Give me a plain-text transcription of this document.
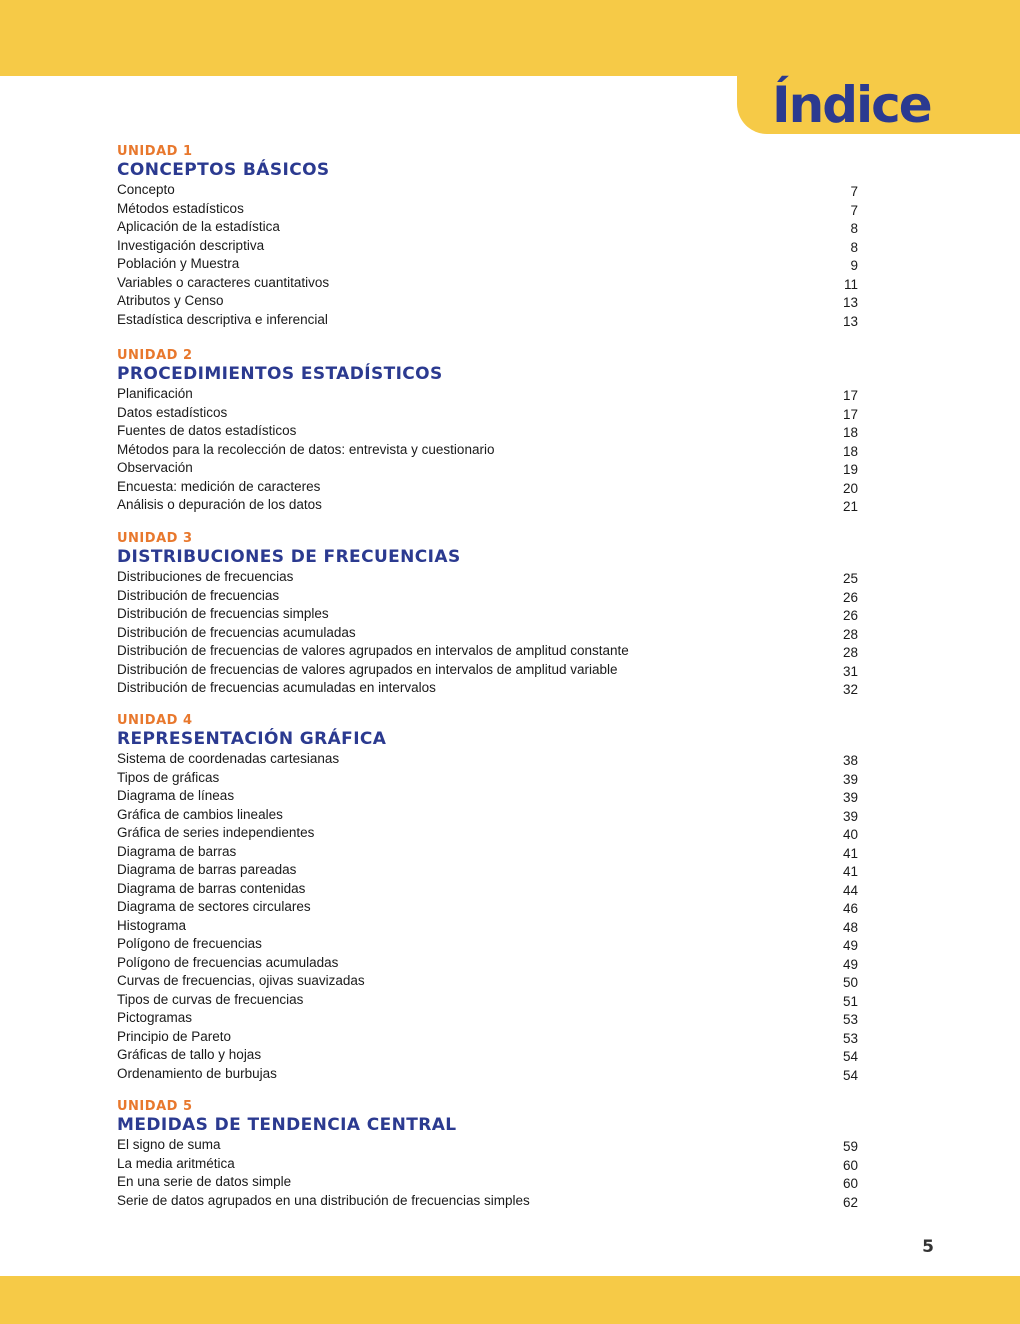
Índice
UNIDAD 1
CONCEPTOS BÁSICOS
Concepto	7
Métodos estadísticos	7
Aplicación de la estadística	8
Investigación descriptiva	8
Población y Muestra	9
Variables o caracteres cuantitativos	11
Atributos y Censo	13
Estadística descriptiva e inferencial	13
UNIDAD 2
PROCEDIMIENTOS ESTADÍSTICOS
Planificación	17
Datos estadísticos	17
Fuentes de datos estadísticos	18
Métodos para la recolección de datos: entrevista y cuestionario	18
Observación	19
Encuesta: medición de caracteres	20
Análisis o depuración de los datos	21
UNIDAD 3
DISTRIBUCIONES DE FRECUENCIAS
Distribuciones de frecuencias	25
Distribución de frecuencias	26
Distribución de frecuencias simples	26
Distribución de frecuencias acumuladas	28
Distribución de frecuencias de valores agrupados en intervalos de amplitud constante	28
Distribución de frecuencias de valores agrupados en intervalos de amplitud variable	31
Distribución de frecuencias acumuladas en intervalos	32
UNIDAD 4
REPRESENTACIÓN GRÁFICA
Sistema de coordenadas cartesianas	38
Tipos de gráficas	39
Diagrama de líneas	39
Gráfica de cambios lineales	39
Gráfica de series independientes	40
Diagrama de barras	41
Diagrama de barras pareadas	41
Diagrama de barras contenidas	44
Diagrama de sectores circulares	46
Histograma	48
Polígono de frecuencias	49
Polígono de frecuencias acumuladas	49
Curvas de frecuencias, ojivas suavizadas	50
Tipos de curvas de frecuencias	51
Pictogramas	53
Principio de Pareto	53
Gráficas de tallo y hojas	54
Ordenamiento de burbujas	54
UNIDAD 5
MEDIDAS DE TENDENCIA CENTRAL
El signo de suma	59
La media aritmética	60
En una serie de datos simple	60
Serie de datos agrupados en una distribución de frecuencias simples	62
5
